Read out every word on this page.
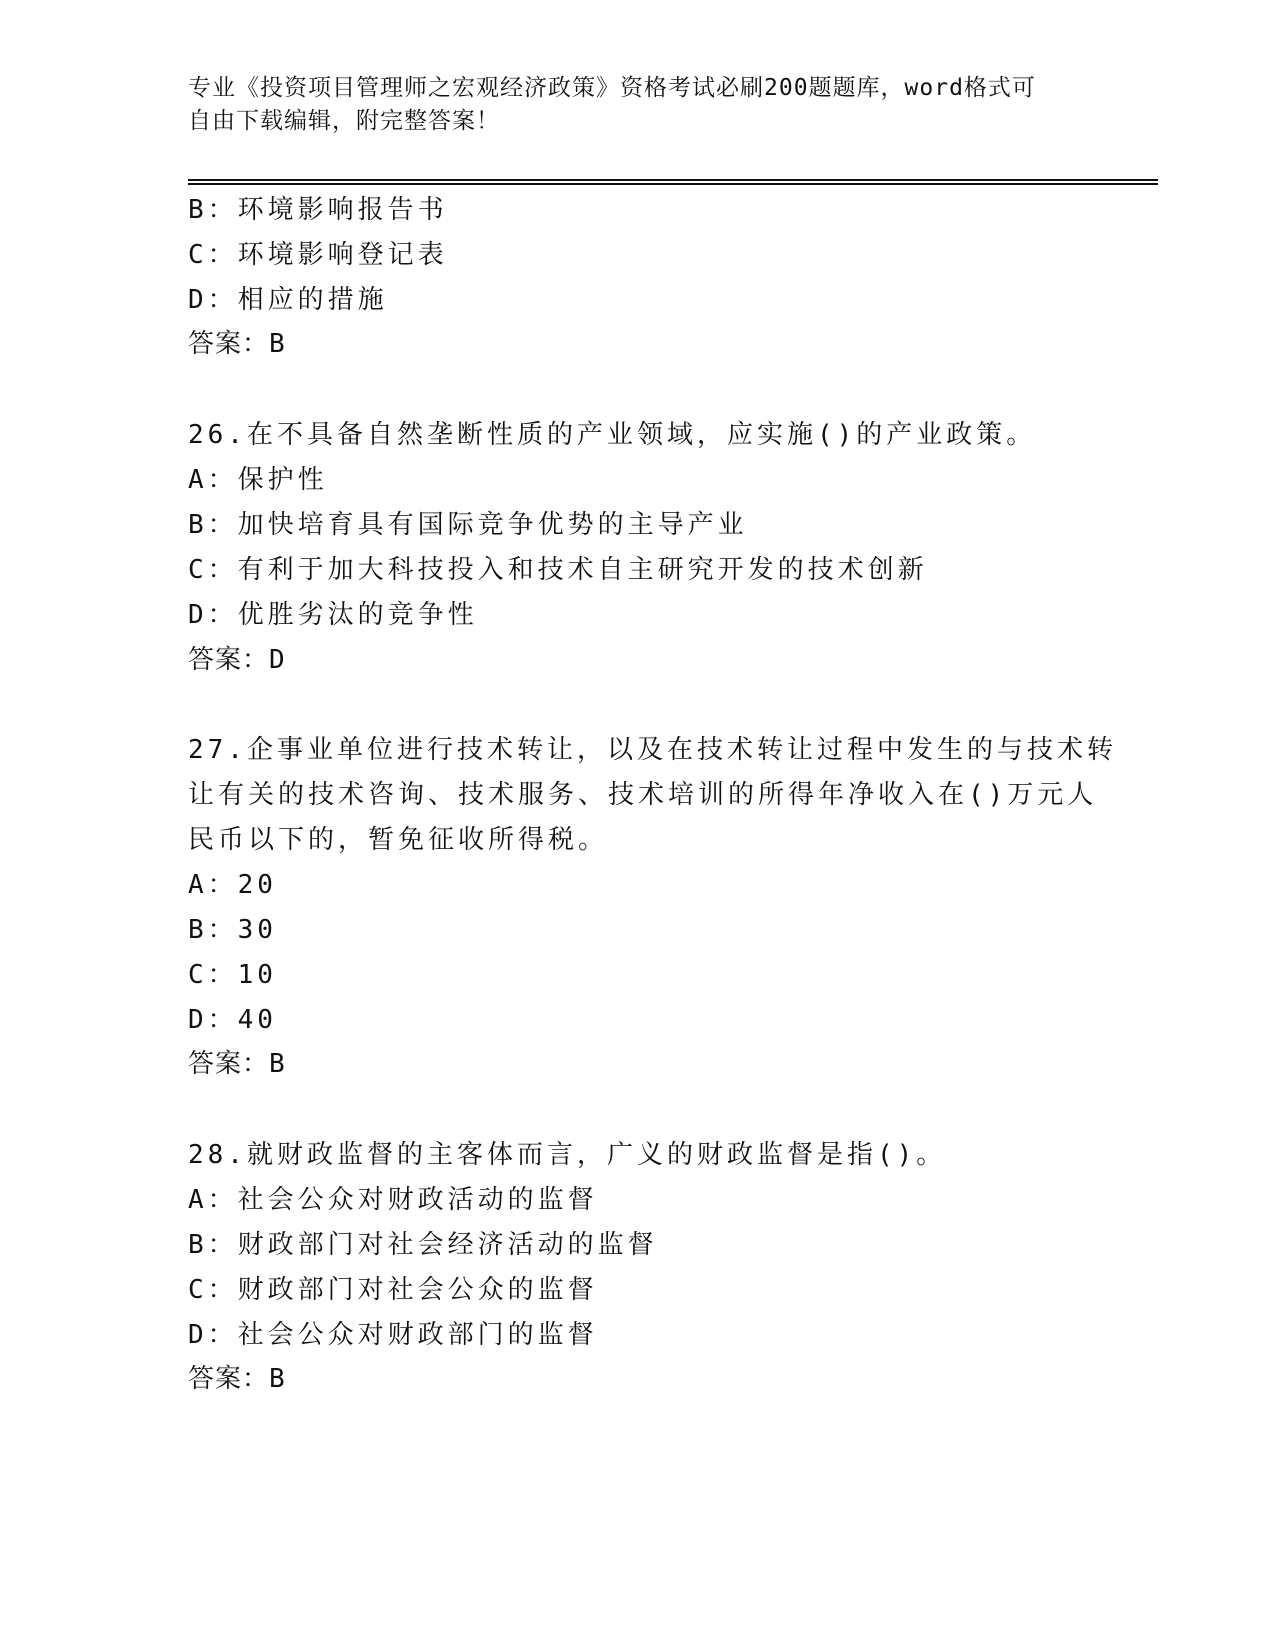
专业《投资项目管理师之宏观经济政策》资格考试必刷200题题库，word格式可
自由下载编辑，附完整答案！
B：环境影响报告书
C：环境影响登记表
D：相应的措施
答案：B
26.在不具备自然垄断性质的产业领域，应实施()的产业政策。
A：保护性
B：加快培育具有国际竞争优势的主导产业
C：有利于加大科技投入和技术自主研究开发的技术创新
D：优胜劣汰的竞争性
答案：D
27.企事业单位进行技术转让，以及在技术转让过程中发生的与技术转
让有关的技术咨询、技术服务、技术培训的所得年净收入在()万元人
民币以下的，暂免征收所得税。
A：20
B：30
C：10
D：40
答案：B
28.就财政监督的主客体而言，广义的财政监督是指()。
A：社会公众对财政活动的监督
B：财政部门对社会经济活动的监督
C：财政部门对社会公众的监督
D：社会公众对财政部门的监督
答案：B
